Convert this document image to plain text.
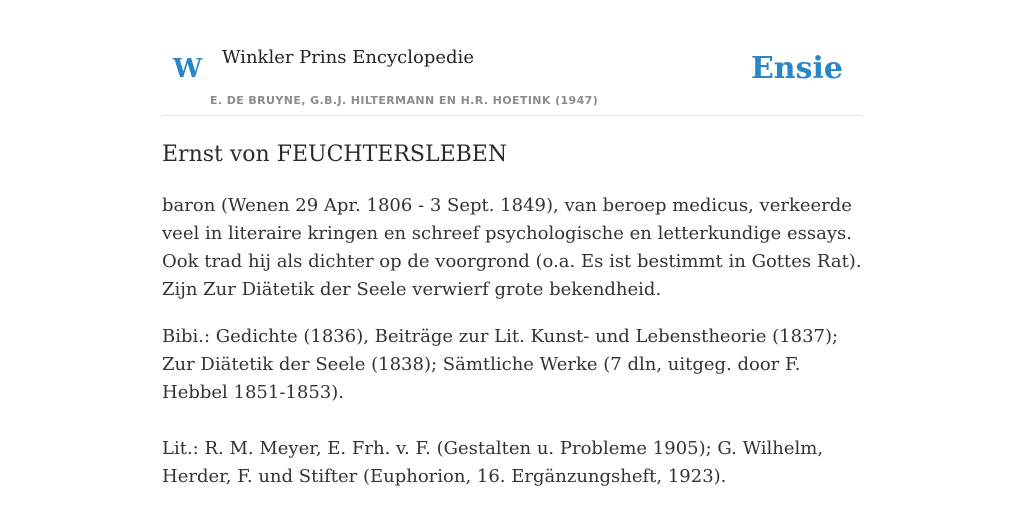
W Winkler Prins Encyclopedie
E. DE BRUYNE, G.B.J. HILTERMANN EN H.R. HOETINK (1947)
Ensie
Ernst von FEUCHTERSLEBEN

baron (Wenen 29 Apr. 1806 - 3 Sept. 1849), van beroep medicus, verkeerde veel in literaire kringen en schreef psychologische en letterkundige essays. Ook trad hij als dichter op de voorgrond (o.a. Es ist bestimmt in Gottes Rat). Zijn Zur Diätetik der Seele verwierf grote bekendheid.

Bibi.: Gedichte (1836), Beiträge zur Lit. Kunst- und Lebenstheorie (1837); Zur Diätetik der Seele (1838); Sämtliche Werke (7 dln, uitgeg. door F. Hebbel 1851-1853).

Lit.: R. M. Meyer, E. Frh. v. F. (Gestalten u. Probleme 1905); G. Wilhelm, Herder, F. und Stifter (Euphorion, 16. Ergänzungsheft, 1923).
